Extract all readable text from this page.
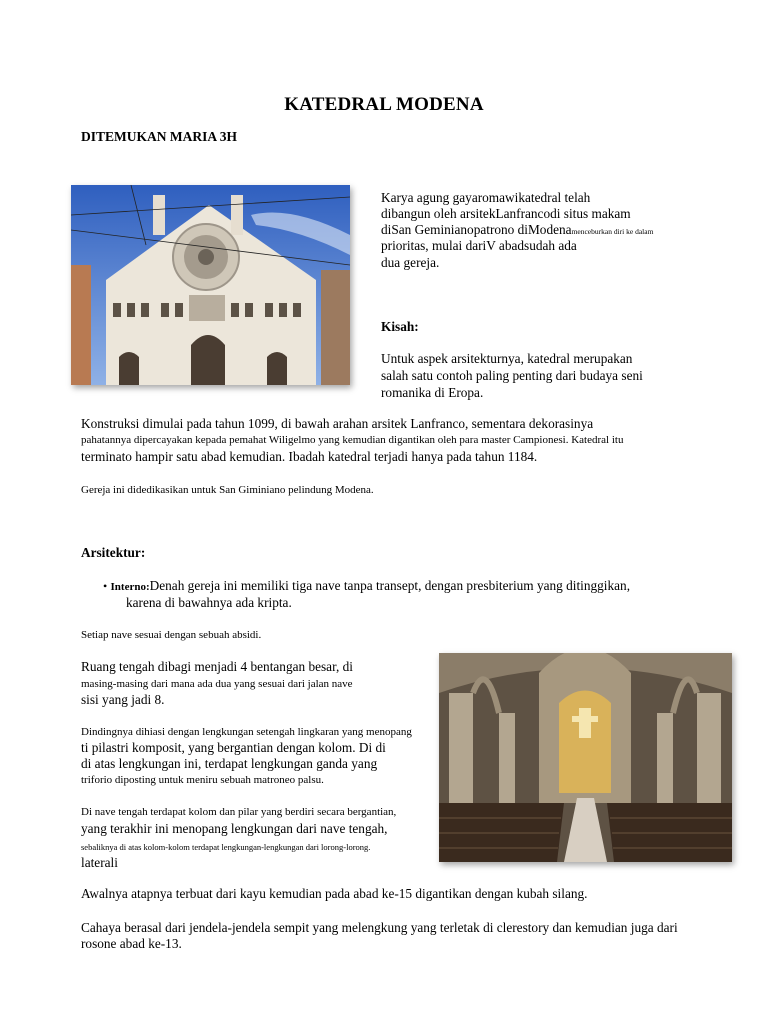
KATEDRAL MODENA
DITEMUKAN MARIA 3H
Karya agung gayaromawikatedral telah
dibangun oleh arsitekLanfrancodi situs makam
diSan Geminianopatrono diModenamenceburkan diri ke dalam
prioritas, mulai dariV abadsudah ada
dua gereja.
Kisah:
Untuk aspek arsitekturnya, katedral merupakan
salah satu contoh paling penting dari budaya seni
romanika di Eropa.
Konstruksi dimulai pada tahun 1099, di bawah arahan arsitek Lanfranco, sementara dekorasinya
pahatannya dipercayakan kepada pemahat Wiligelmo yang kemudian digantikan oleh para master Campionesi. Katedral itu
terminato hampir satu abad kemudian. Ibadah katedral terjadi hanya pada tahun 1184.
Gereja ini didedikasikan untuk San Giminiano pelindung Modena.
Arsitektur:
• Interno:Denah gereja ini memiliki tiga nave tanpa transept, dengan presbiterium yang ditinggikan,
karena di bawahnya ada kripta.
Setiap nave sesuai dengan sebuah absidi.
Ruang tengah dibagi menjadi 4 bentangan besar, di
masing-masing dari mana ada dua yang sesuai dari jalan nave
sisi yang jadi 8.
Dindingnya dihiasi dengan lengkungan setengah lingkaran yang menopang
ti pilastri komposit, yang bergantian dengan kolom. Di di
di atas lengkungan ini, terdapat lengkungan ganda yang
triforio diposting untuk meniru sebuah matroneo palsu.
Di nave tengah terdapat kolom dan pilar yang berdiri secara bergantian,
yang terakhir ini menopang lengkungan dari nave tengah,
sebaliknya di atas kolom-kolom terdapat lengkungan-lengkungan dari lorong-lorong.
laterali
Awalnya atapnya terbuat dari kayu kemudian pada abad ke-15 digantikan dengan kubah silang.
Cahaya berasal dari jendela-jendela sempit yang melengkung yang terletak di clerestory dan kemudian juga dari
rosone abad ke-13.
